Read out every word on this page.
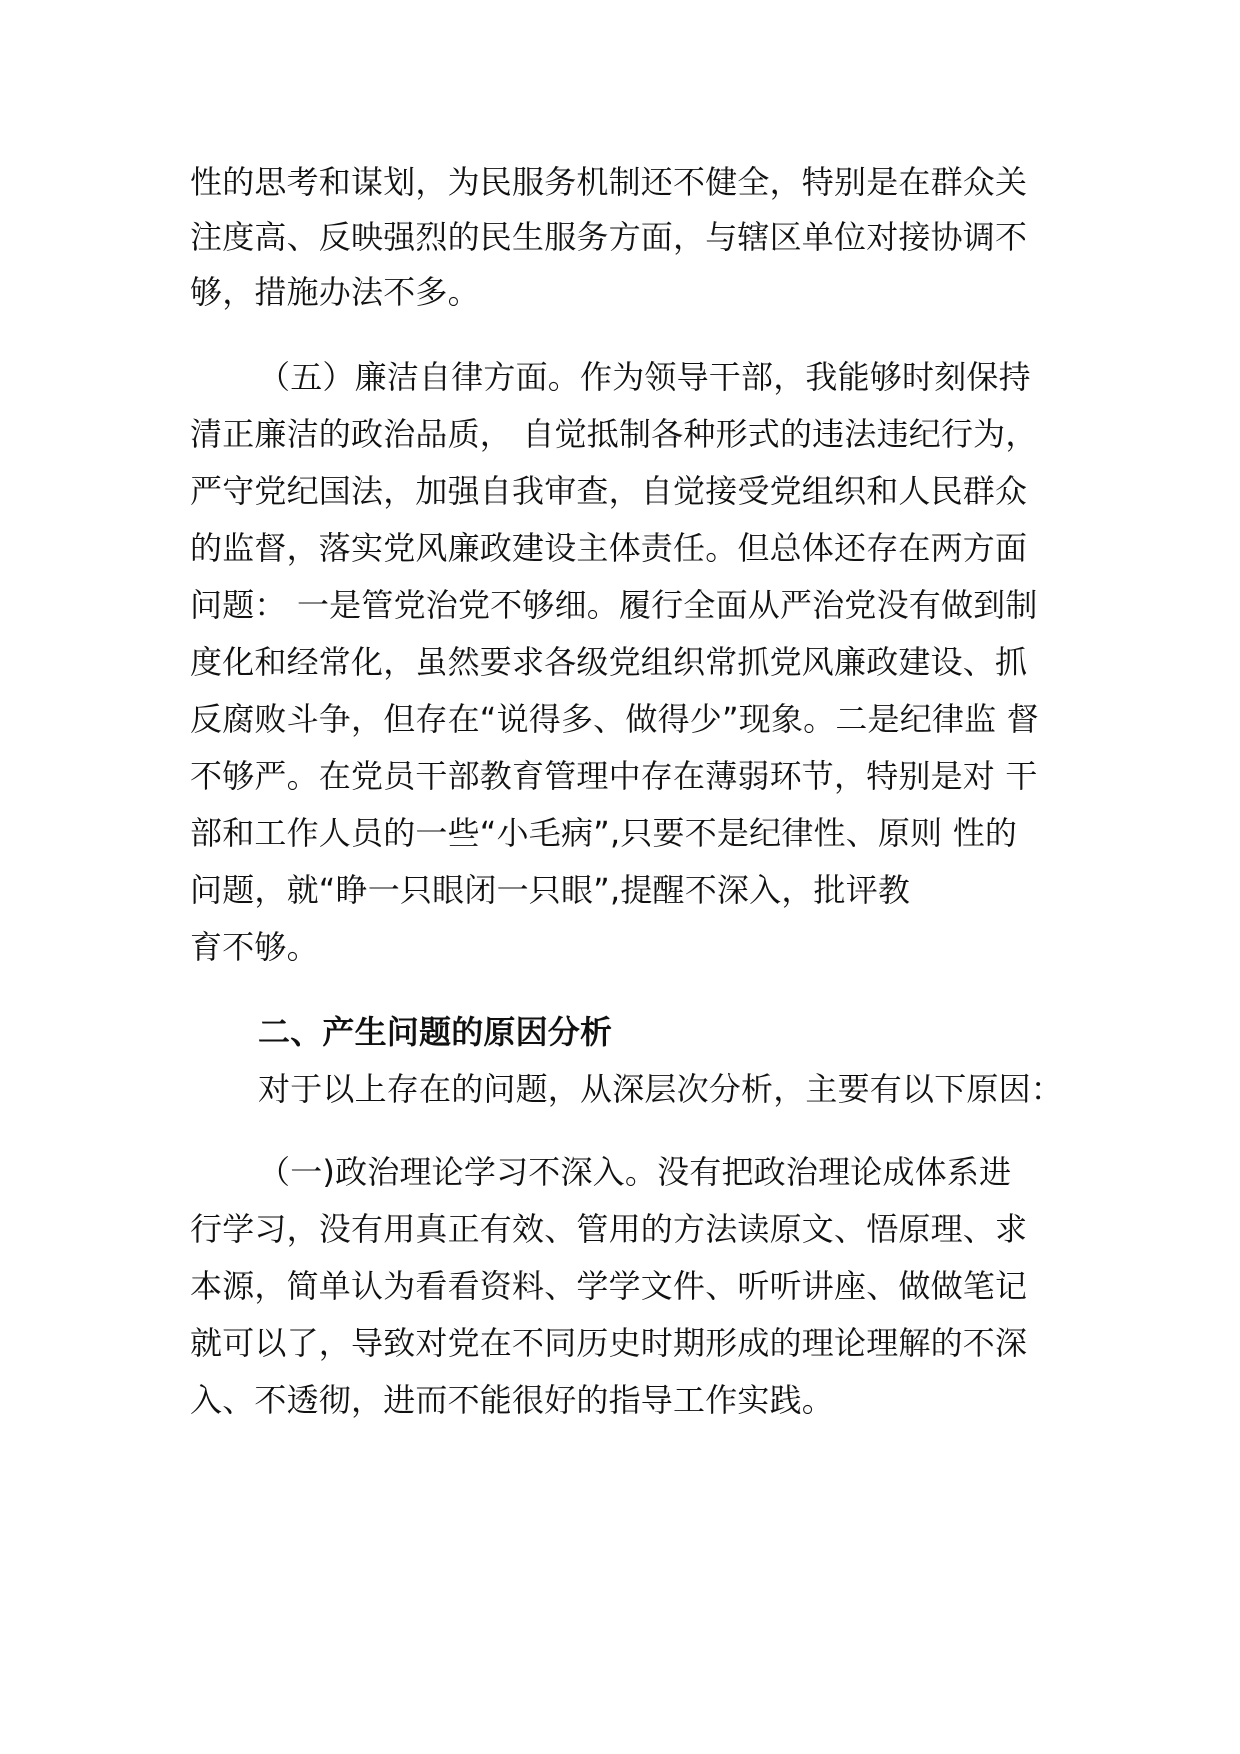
性的思考和谋划，为民服务机制还不健全，特别是在群众关
注度高、反映强烈的民生服务方面，与辖区单位对接协调不
够，措施办法不多。
（五）廉洁自律方面。作为领导干部，我能够时刻保持
清正廉洁的政治品质， 自觉抵制各种形式的违法违纪行为，
严守党纪国法，加强自我审查，自觉接受党组织和人民群众
的监督，落实党风廉政建设主体责任。但总体还存在两方面
问题： 一是管党治党不够细。履行全面从严治党没有做到制
度化和经常化，虽然要求各级党组织常抓党风廉政建设、抓
反腐败斗争，但存在“说得多、做得少”现象。二是纪律监 督
不够严。在党员干部教育管理中存在薄弱环节，特别是对 干
部和工作人员的一些“小毛病”,只要不是纪律性、原则 性的
问题，就“睁一只眼闭一只眼”,提醒不深入，批评教
育不够。
二、产生问题的原因分析
对于以上存在的问题，从深层次分析，主要有以下原因：
（一)政治理论学习不深入。没有把政治理论成体系进
行学习，没有用真正有效、管用的方法读原文、悟原理、求
本源，简单认为看看资料、学学文件、听听讲座、做做笔记
就可以了，导致对党在不同历史时期形成的理论理解的不深
入、不透彻，进而不能很好的指导工作实践。
